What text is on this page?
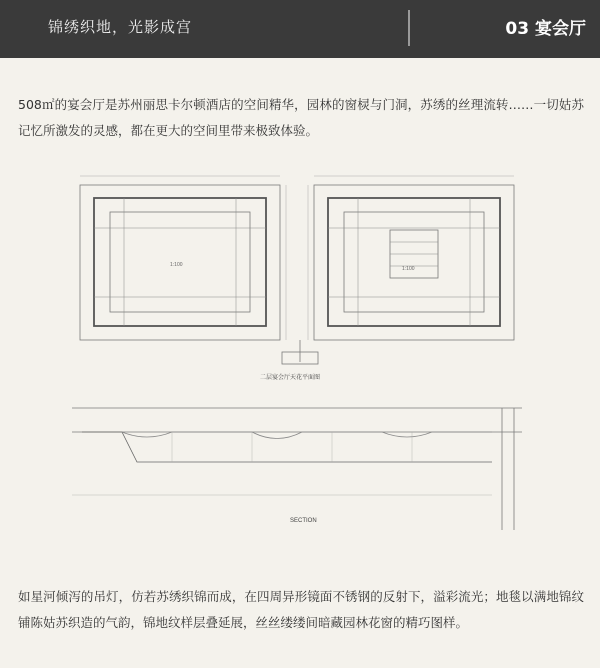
锦绣织地，光影成宫	03 宴会厅
508㎡的宴会厅是苏州丽思卡尔顿酒店的空间精华，园林的窗棂与门洞，苏绣的丝理流转……一切姑苏记忆所激发的灵感，都在更大的空间里带来极致体验。
1:100
二层宴会厅天花平面图
SECTION
1:100
如星河倾泻的吊灯，仿若苏绣织锦而成，在四周异形镜面不锈钢的反射下，溢彩流光；地毯以满地锦纹铺陈姑苏织造的气韵，锦地纹样层叠延展，丝丝缕缕间暗藏园林花窗的精巧图样。
